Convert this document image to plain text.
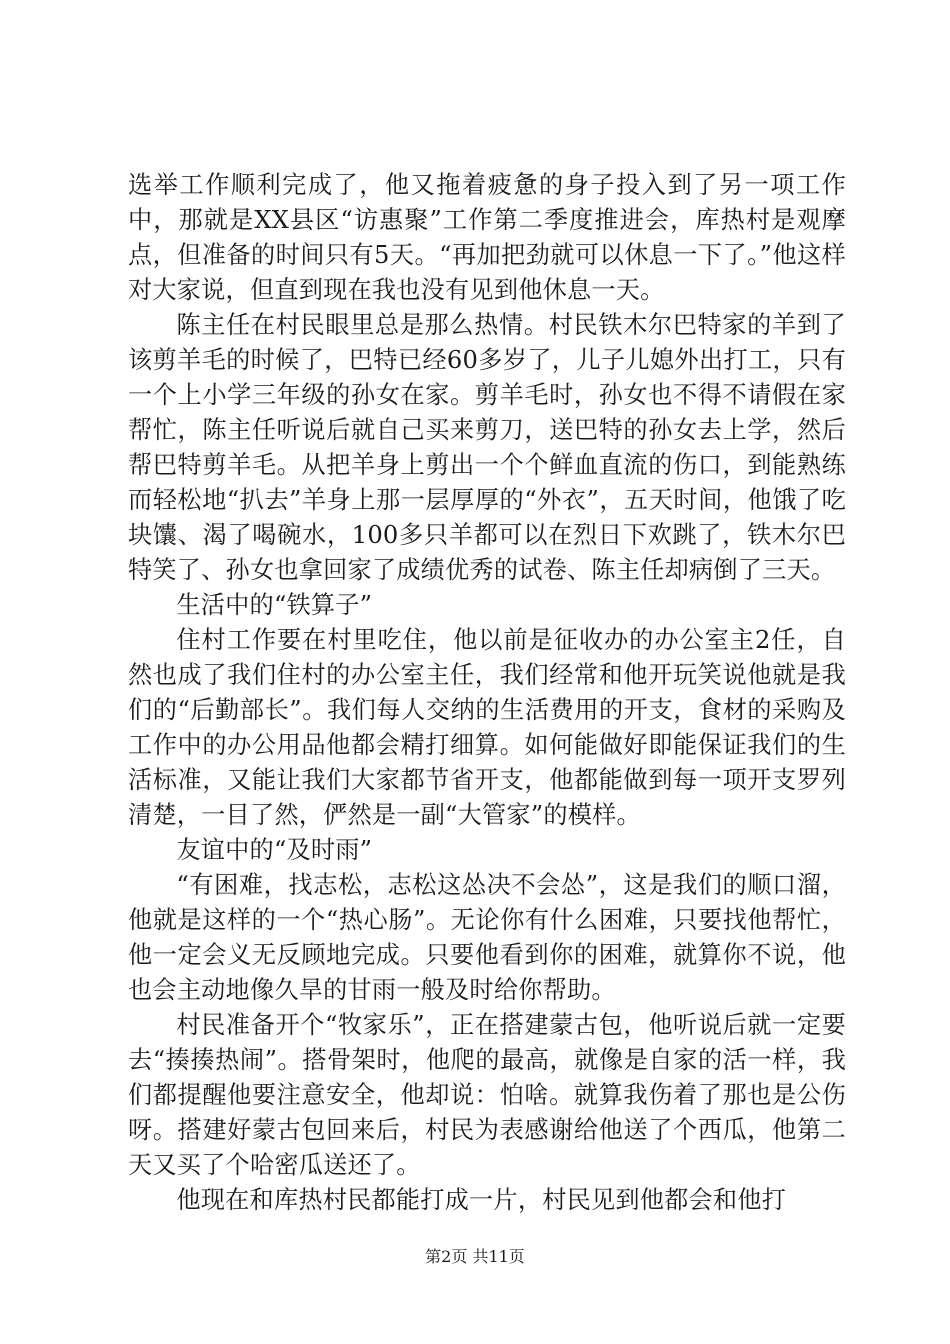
选举工作顺利完成了，他又拖着疲惫的身子投入到了另一项工作中，那就是XX县区“访惠聚”工作第二季度推进会，库热村是观摩点，但准备的时间只有5天。“再加把劲就可以休息一下了。”他这样对大家说，但直到现在我也没有见到他休息一天。

陈主任在村民眼里总是那么热情。村民铁木尔巴特家的羊到了该剪羊毛的时候了，巴特已经60多岁了，儿子儿媳外出打工，只有一个上小学三年级的孙女在家。剪羊毛时，孙女也不得不请假在家帮忙，陈主任听说后就自己买来剪刀，送巴特的孙女去上学，然后帮巴特剪羊毛。从把羊身上剪出一个个鲜血直流的伤口，到能熟练而轻松地“扒去”羊身上那一层厚厚的“外衣”，五天时间，他饿了吃块馕、渴了喝碗水，100多只羊都可以在烈日下欢跳了，铁木尔巴特笑了、孙女也拿回家了成绩优秀的试卷、陈主任却病倒了三天。

生活中的“铁算子”

住村工作要在村里吃住，他以前是征收办的办公室主2任，自然也成了我们住村的办公室主任，我们经常和他开玩笑说他就是我们的“后勤部长”。我们每人交纳的生活费用的开支，食材的采购及工作中的办公用品他都会精打细算。如何能做好即能保证我们的生活标准，又能让我们大家都节省开支，他都能做到每一项开支罗列清楚，一目了然，俨然是一副“大管家”的模样。

友谊中的“及时雨”

“有困难，找志松，志松这怂决不会怂”，这是我们的顺口溜，他就是这样的一个“热心肠”。无论你有什么困难，只要找他帮忙，他一定会义无反顾地完成。只要他看到你的困难，就算你不说，他也会主动地像久旱的甘雨一般及时给你帮助。

村民准备开个“牧家乐”，正在搭建蒙古包，他听说后就一定要去“揍揍热闹”。搭骨架时，他爬的最高，就像是自家的活一样，我们都提醒他要注意安全，他却说：怕啥。就算我伤着了那也是公伤呀。搭建好蒙古包回来后，村民为表感谢给他送了个西瓜，他第二天又买了个哈密瓜送还了。

他现在和库热村民都能打成一片，村民见到他都会和他打

第2页 共11页
